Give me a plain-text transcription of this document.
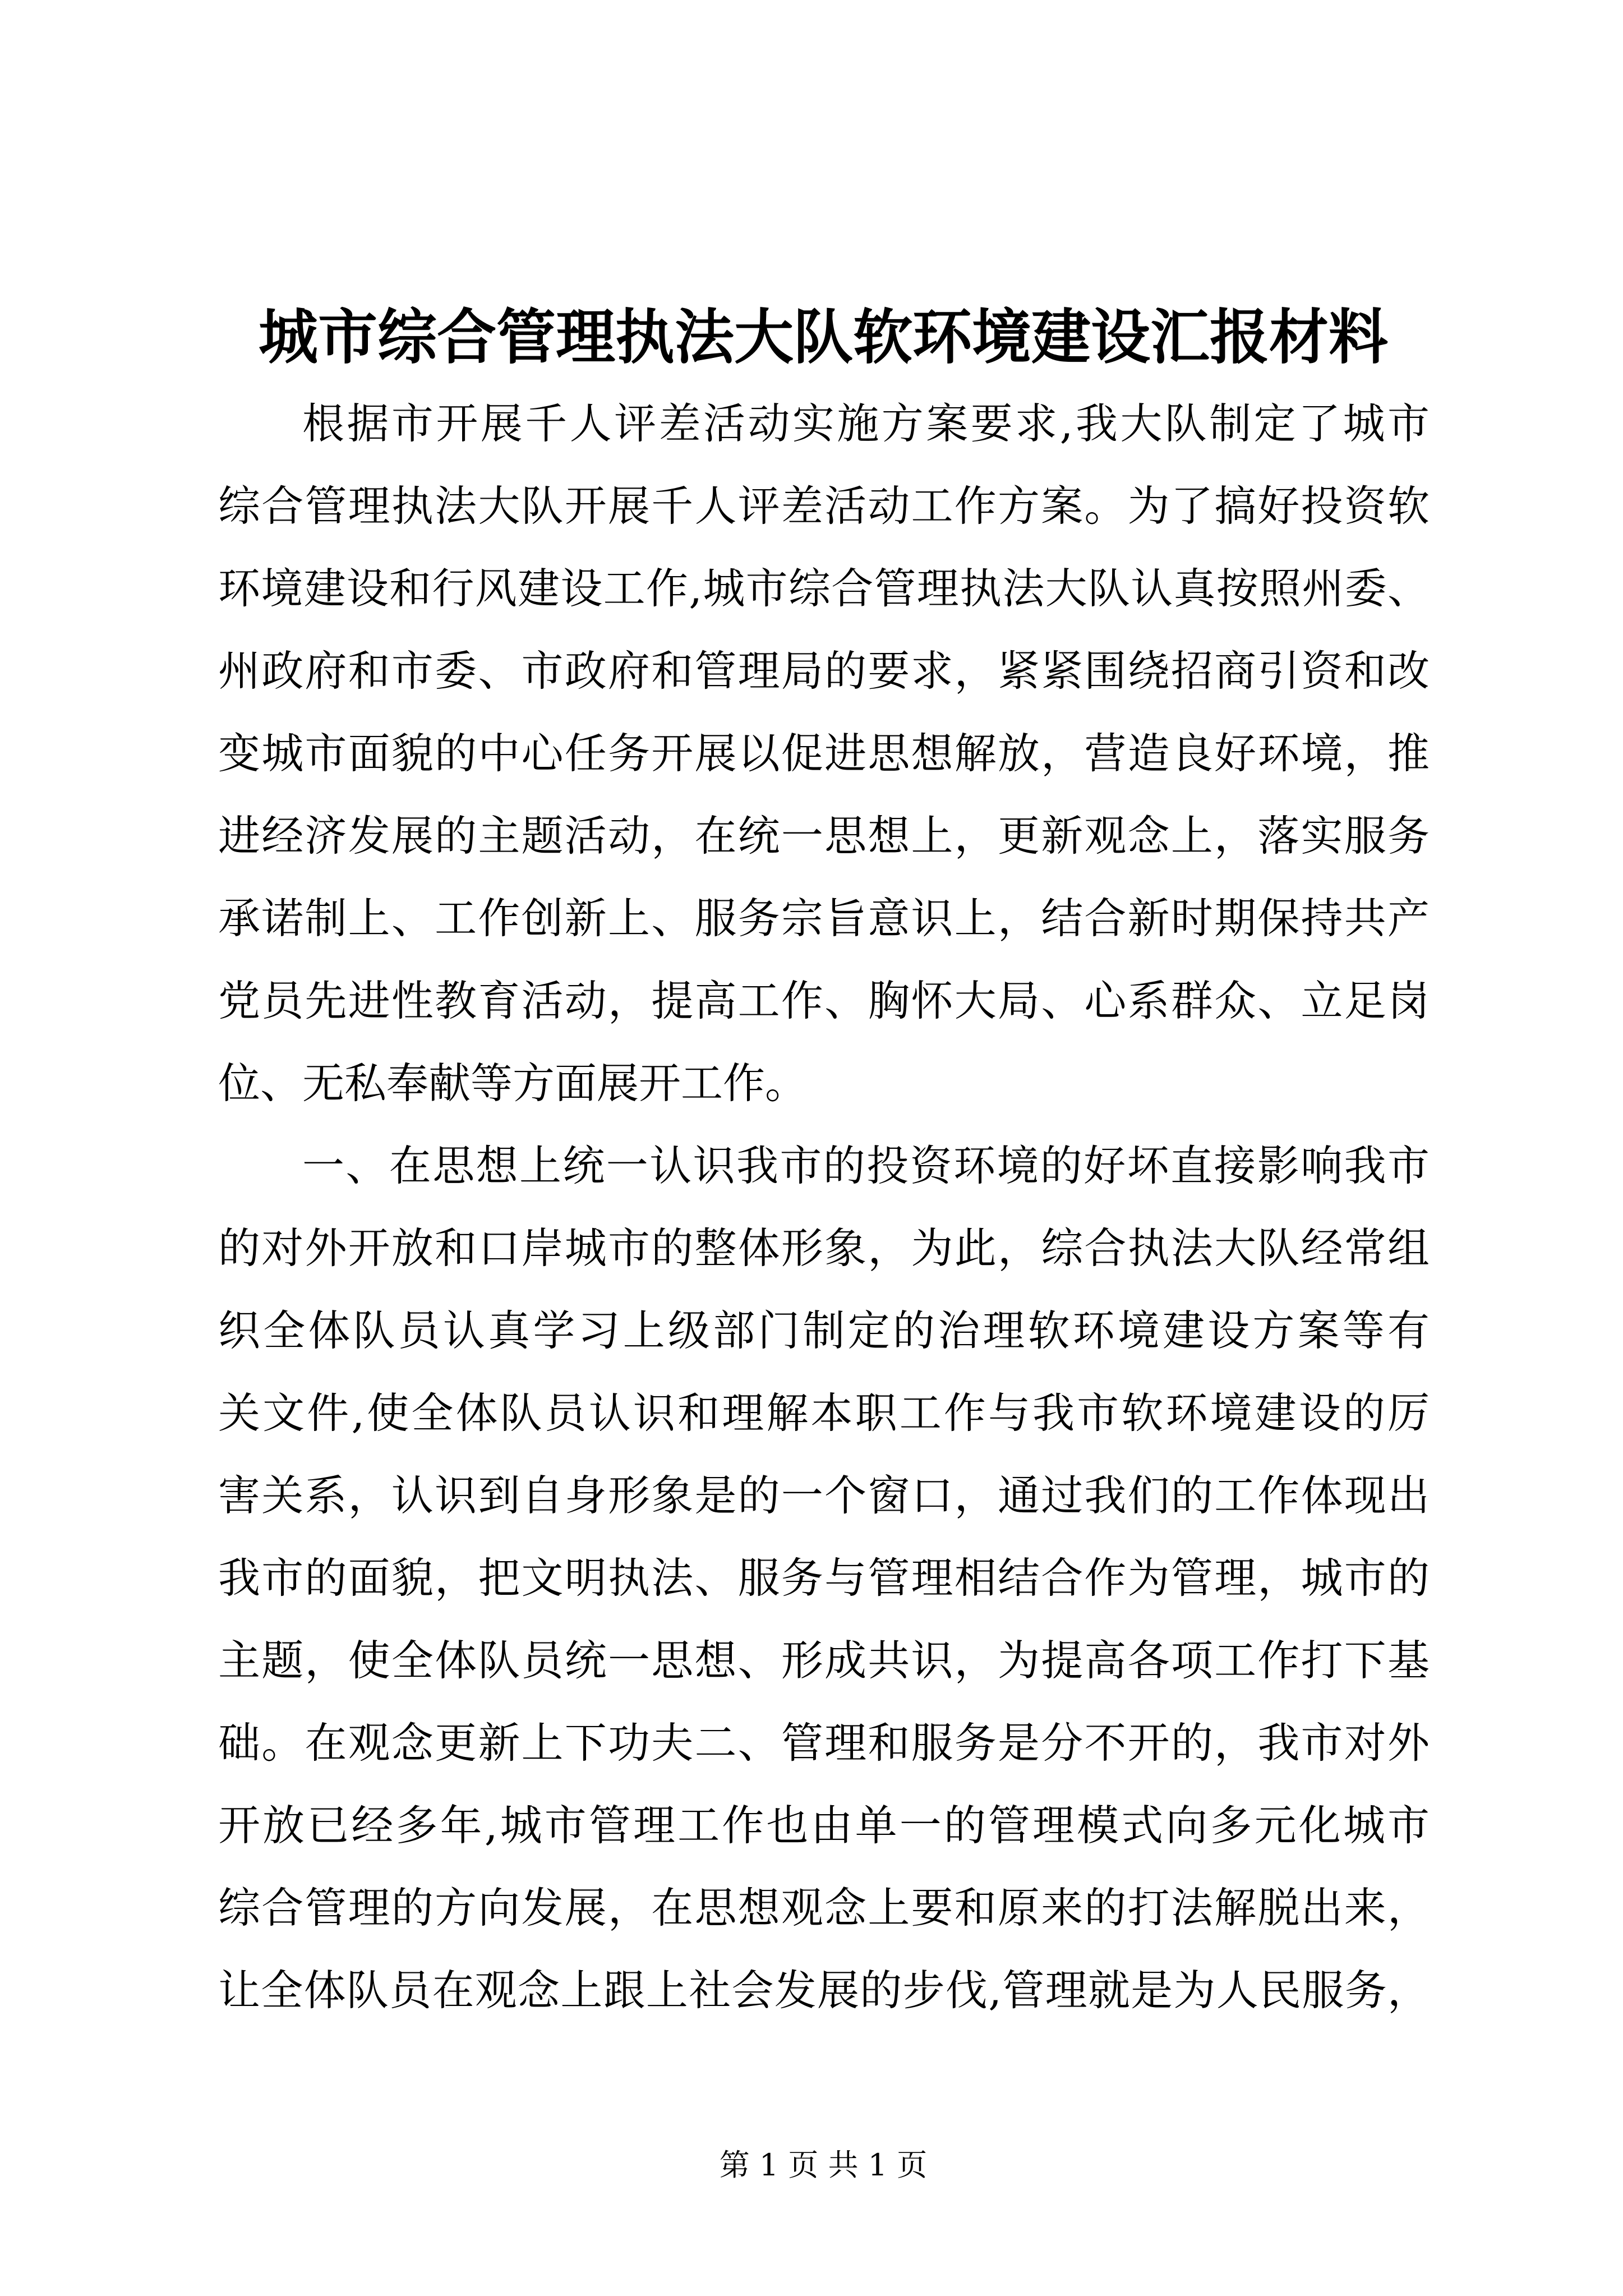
城市综合管理执法大队软环境建设汇报材料
根据市开展千人评差活动实施方案要求,我大队制定了城市
综合管理执法大队开展千人评差活动工作方案。为了搞好投资软
环境建设和行风建设工作,城市综合管理执法大队认真按照州委、
州政府和市委、市政府和管理局的要求，紧紧围绕招商引资和改
变城市面貌的中心任务开展以促进思想解放，营造良好环境，推
进经济发展的主题活动，在统一思想上，更新观念上，落实服务
承诺制上、工作创新上、服务宗旨意识上，结合新时期保持共产
党员先进性教育活动，提高工作、胸怀大局、心系群众、立足岗
位、无私奉献等方面展开工作。
一、在思想上统一认识我市的投资环境的好坏直接影响我市
的对外开放和口岸城市的整体形象，为此，综合执法大队经常组
织全体队员认真学习上级部门制定的治理软环境建设方案等有
关文件,使全体队员认识和理解本职工作与我市软环境建设的厉
害关系，认识到自身形象是的一个窗口，通过我们的工作体现出
我市的面貌，把文明执法、服务与管理相结合作为管理，城市的
主题，使全体队员统一思想、形成共识，为提高各项工作打下基
础。在观念更新上下功夫二、管理和服务是分不开的，我市对外
开放已经多年,城市管理工作也由单一的管理模式向多元化城市
综合管理的方向发展，在思想观念上要和原来的打法解脱出来，
让全体队员在观念上跟上社会发展的步伐,管理就是为人民服务，
第 1 页 共 1 页
